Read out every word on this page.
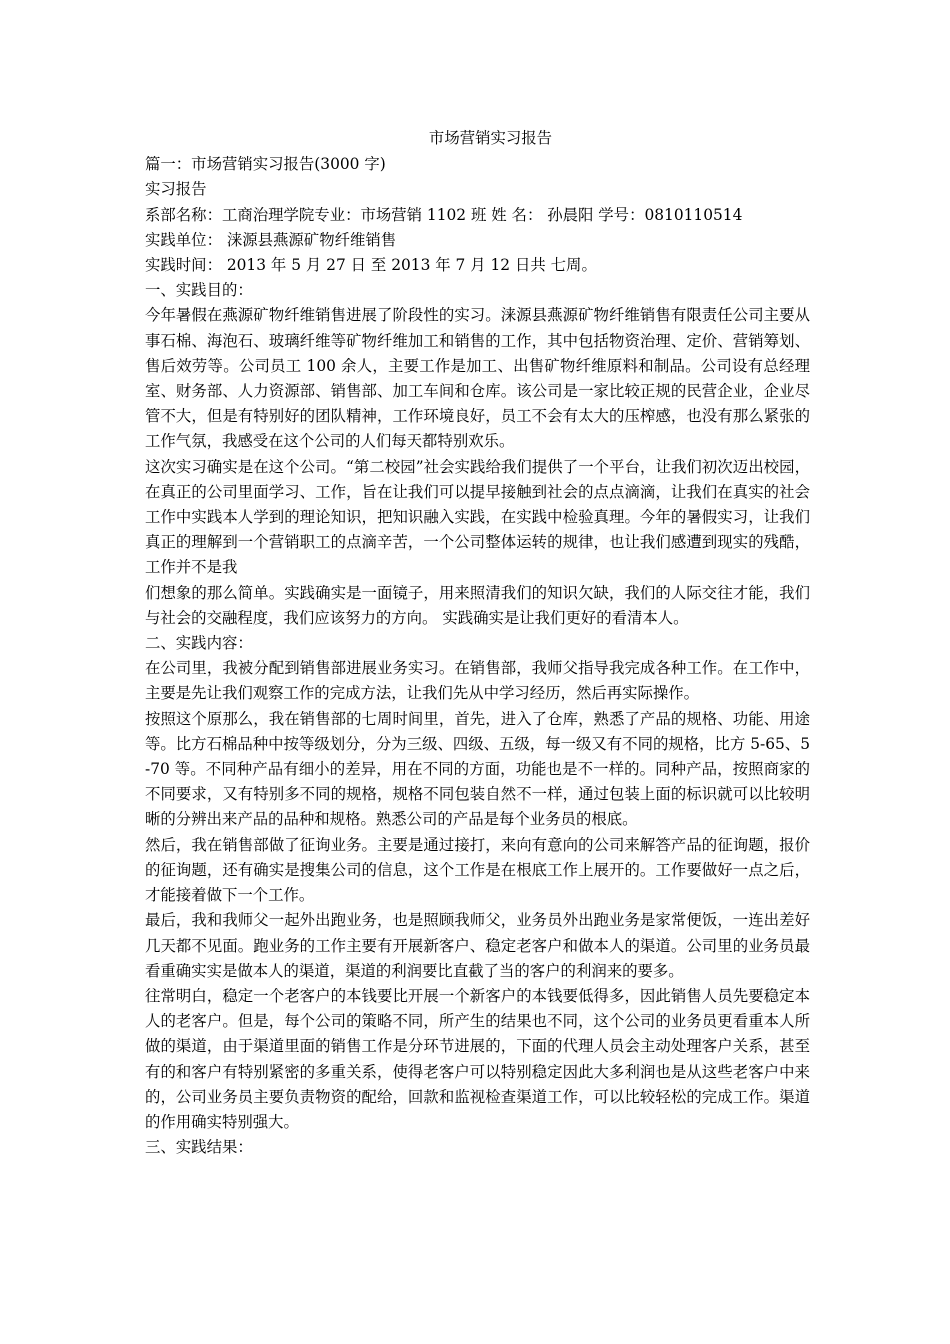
市场营销实习报告
篇一：市场营销实习报告(3000 字)
实习报告
系部名称：工商治理学院专业：市场营销 1102 班 姓 名： 孙晨阳 学号：0810110514
实践单位： 涞源县燕源矿物纤维销售
实践时间： 2013 年 5 月 27 日 至 2013 年 7 月 12 日共 七周。
一、实践目的：

今年暑假在燕源矿物纤维销售进展了阶段性的实习。涞源县燕源矿物纤维销售有限责任公司主要从事石棉、海泡石、玻璃纤维等矿物纤维加工和销售的工作，其中包括物资治理、定价、营销筹划、售后效劳等。公司员工 100 余人，主要工作是加工、出售矿物纤维原料和制品。公司设有总经理室、财务部、人力资源部、销售部、加工车间和仓库。该公司是一家比较正规的民营企业，企业尽管不大，但是有特别好的团队精神，工作环境良好，员工不会有太大的压榨感，也没有那么紧张的工作气氛，我感受在这个公司的人们每天都特别欢乐。

这次实习确实是在这个公司。“第二校园”社会实践给我们提供了一个平台，让我们初次迈出校园，在真正的公司里面学习、工作，旨在让我们可以提早接触到社会的点点滴滴，让我们在真实的社会工作中实践本人学到的理论知识，把知识融入实践，在实践中检验真理。今年的暑假实习，让我们真正的理解到一个营销职工的点滴辛苦，一个公司整体运转的规律，也让我们感遭到现实的残酷，工作并不是我

们想象的那么简单。实践确实是一面镜子，用来照清我们的知识欠缺，我们的人际交往才能，我们与社会的交融程度，我们应该努力的方向。 实践确实是让我们更好的看清本人。

二、实践内容：

在公司里，我被分配到销售部进展业务实习。在销售部，我师父指导我完成各种工作。在工作中，主要是先让我们观察工作的完成方法，让我们先从中学习经历，然后再实际操作。

按照这个原那么，我在销售部的七周时间里，首先，进入了仓库，熟悉了产品的规格、功能、用途等。比方石棉品种中按等级划分，分为三级、四级、五级，每一级又有不同的规格，比方 5-65、5-70 等。不同种产品有细小的差异，用在不同的方面，功能也是不一样的。同种产品，按照商家的不同要求，又有特别多不同的规格，规格不同包装自然不一样，通过包装上面的标识就可以比较明晰的分辨出来产品的品种和规格。熟悉公司的产品是每个业务员的根底。

然后，我在销售部做了征询业务。主要是通过接打，来向有意向的公司来解答产品的征询题，报价的征询题，还有确实是搜集公司的信息，这个工作是在根底工作上展开的。工作要做好一点之后，才能接着做下一个工作。

最后，我和我师父一起外出跑业务，也是照顾我师父，业务员外出跑业务是家常便饭，一连出差好几天都不见面。跑业务的工作主要有开展新客户、稳定老客户和做本人的渠道。公司里的业务员最看重确实实是做本人的渠道，渠道的利润要比直截了当的客户的利润来的要多。

往常明白，稳定一个老客户的本钱要比开展一个新客户的本钱要低得多，因此销售人员先要稳定本人的老客户。但是，每个公司的策略不同，所产生的结果也不同，这个公司的业务员更看重本人所做的渠道，由于渠道里面的销售工作是分环节进展的，下面的代理人员会主动处理客户关系，甚至有的和客户有特别紧密的多重关系，使得老客户可以特别稳定因此大多利润也是从这些老客户中来的，公司业务员主要负责物资的配给，回款和监视检查渠道工作，可以比较轻松的完成工作。渠道的作用确实特别强大。

三、实践结果：
